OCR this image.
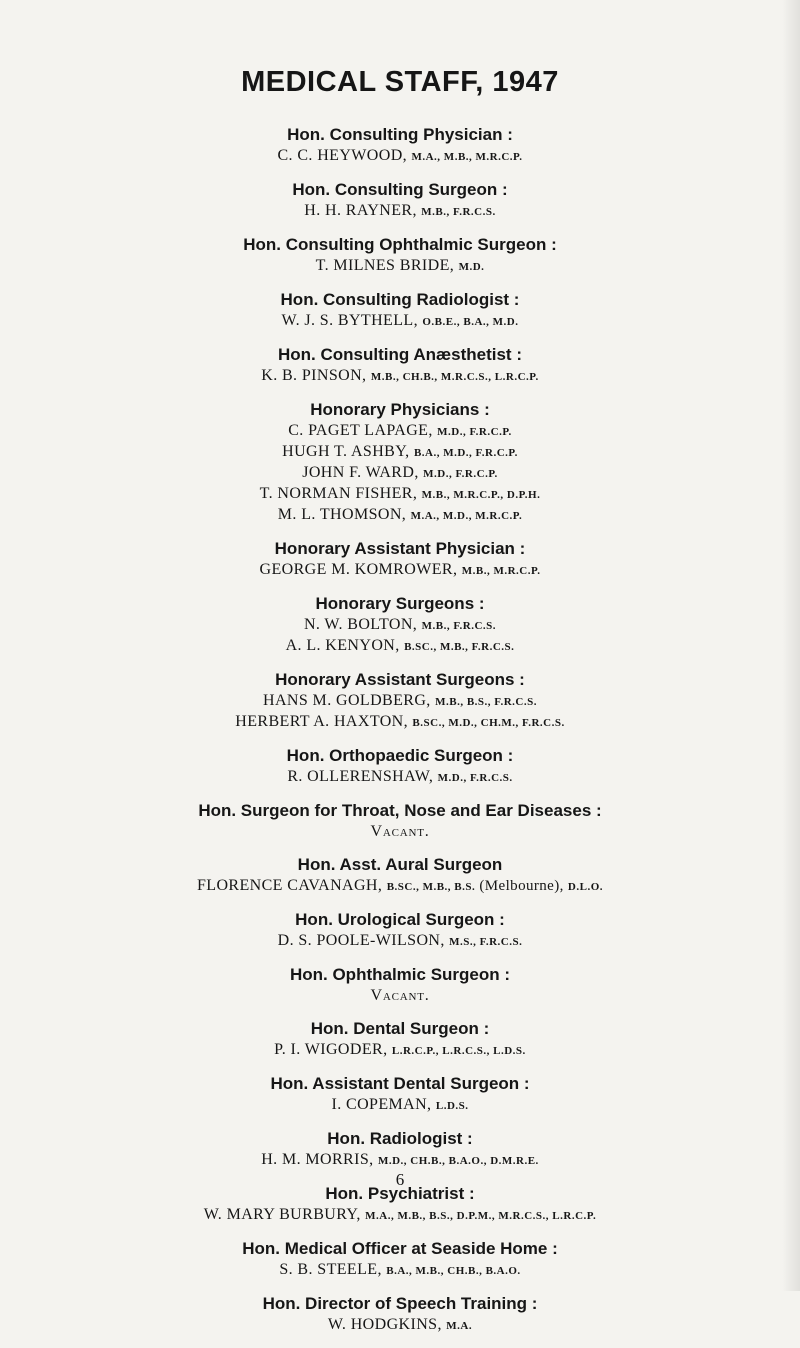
MEDICAL STAFF, 1947
Hon. Consulting Physician :
C. C. HEYWOOD, M.A., M.B., M.R.C.P.
Hon. Consulting Surgeon :
H. H. RAYNER, M.B., F.R.C.S.
Hon. Consulting Ophthalmic Surgeon :
T. MILNES BRIDE, M.D.
Hon. Consulting Radiologist :
W. J. S. BYTHELL, O.B.E., B.A., M.D.
Hon. Consulting Anæsthetist :
K. B. PINSON, M.B., CH.B., M.R.C.S., L.R.C.P.
Honorary Physicians :
C. PAGET LAPAGE, M.D., F.R.C.P.
HUGH T. ASHBY, B.A., M.D., F.R.C.P.
JOHN F. WARD, M.D., F.R.C.P.
T. NORMAN FISHER, M.B., M.R.C.P., D.P.H.
M. L. THOMSON, M.A., M.D., M.R.C.P.
Honorary Assistant Physician :
GEORGE M. KOMROWER, M.B., M.R.C.P.
Honorary Surgeons :
N. W. BOLTON, M.B., F.R.C.S.
A. L. KENYON, B.SC., M.B., F.R.C.S.
Honorary Assistant Surgeons :
HANS M. GOLDBERG, M.B., B.S., F.R.C.S.
HERBERT A. HAXTON, B.SC., M.D., CH.M., F.R.C.S.
Hon. Orthopaedic Surgeon :
R. OLLERENSHAW, M.D., F.R.C.S.
Hon. Surgeon for Throat, Nose and Ear Diseases :
Vacant.
Hon. Asst. Aural Surgeon
FLORENCE CAVANAGH, B.SC., M.B., B.S. (Melbourne), D.L.O.
Hon. Urological Surgeon :
D. S. POOLE-WILSON, M.S., F.R.C.S.
Hon. Ophthalmic Surgeon :
Vacant.
Hon. Dental Surgeon :
P. I. WIGODER, L.R.C.P., L.R.C.S., L.D.S.
Hon. Assistant Dental Surgeon :
I. COPEMAN, L.D.S.
Hon. Radiologist :
H. M. MORRIS, M.D., CH.B., B.A.O., D.M.R.E.
Hon. Psychiatrist :
W. MARY BURBURY, M.A., M.B., B.S., D.P.M., M.R.C.S., L.R.C.P.
Hon. Medical Officer at Seaside Home :
S. B. STEELE, B.A., M.B., CH.B., B.A.O.
Hon. Director of Speech Training :
W. HODGKINS, M.A.
6
